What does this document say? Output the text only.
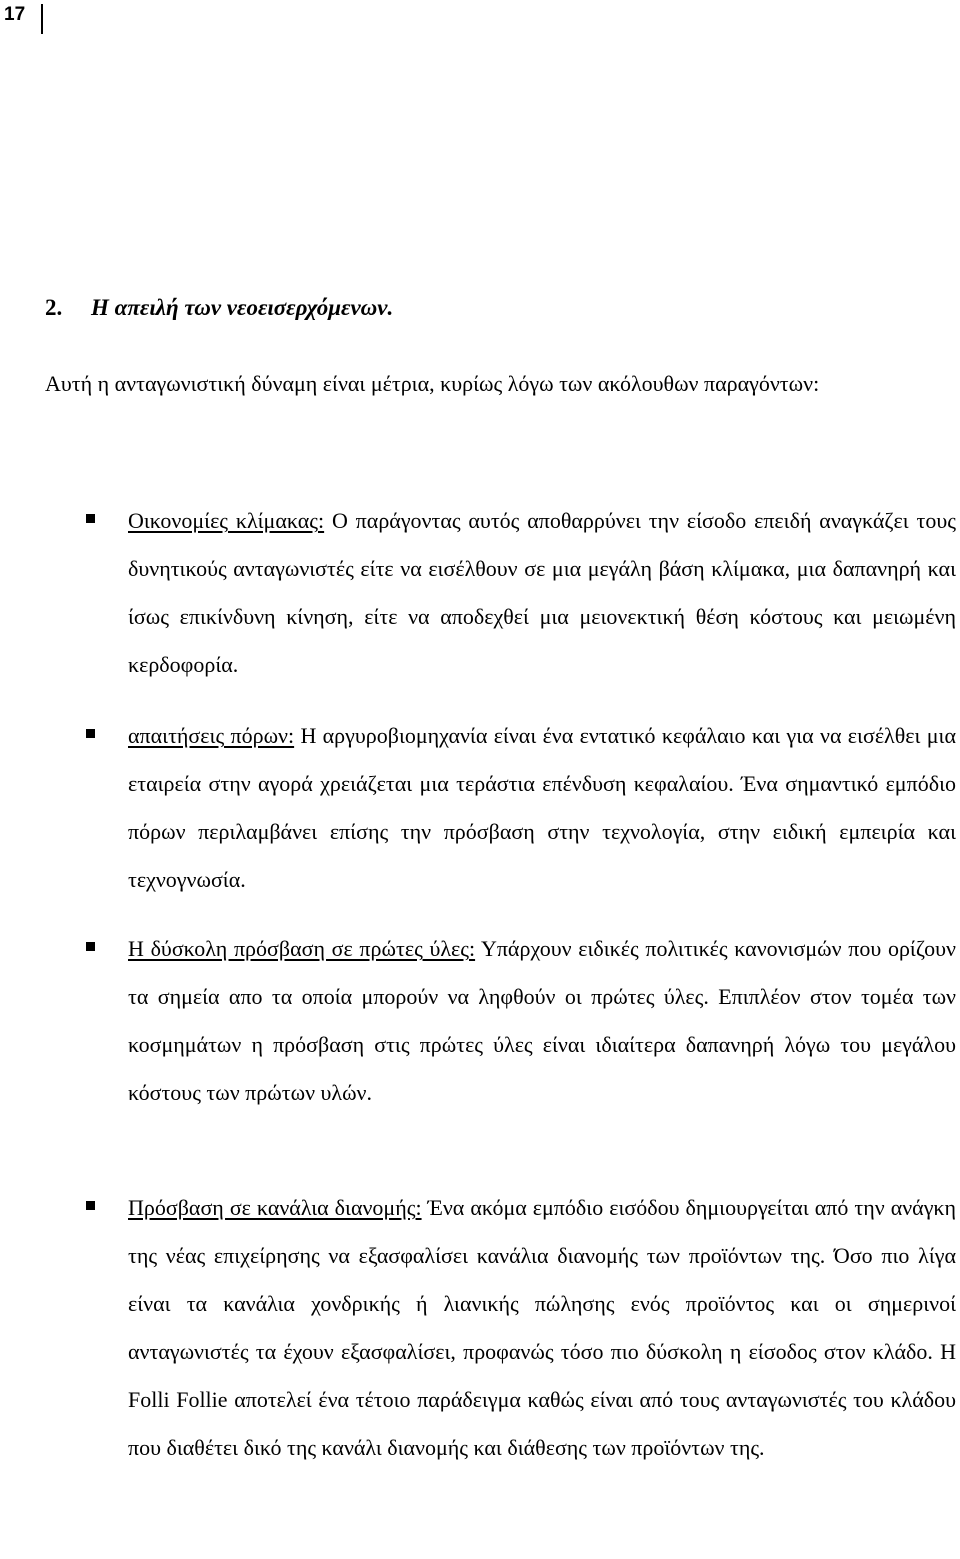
17
2. Η απειλή των νεοεισερχόμενων.

Αυτή η ανταγωνιστική δύναμη είναι μέτρια, κυρίως λόγω των ακόλουθων παραγόντων:

Οικονομίες κλίμακας: Ο παράγοντας αυτός αποθαρρύνει την είσοδο επειδή αναγκάζει τους δυνητικούς ανταγωνιστές είτε να εισέλθουν σε μια μεγάλη βάση κλίμακα, μια δαπανηρή και ίσως επικίνδυνη κίνηση, είτε να αποδεχθεί μια μειονεκτική θέση κόστους και μειωμένη κερδοφορία.

απαιτήσεις πόρων: Η αργυροβιομηχανία είναι ένα εντατικό κεφάλαιο και για να εισέλθει μια εταιρεία στην αγορά χρειάζεται μια τεράστια επένδυση κεφαλαίου. Ένα σημαντικό εμπόδιο πόρων περιλαμβάνει επίσης την πρόσβαση στην τεχνολογία, στην ειδική εμπειρία και τεχνογνωσία.

Η δύσκολη πρόσβαση σε πρώτες ύλες: Υπάρχουν ειδικές πολιτικές κανονισμών που ορίζουν τα σημεία απο τα οποία μπορούν να ληφθούν οι πρώτες ύλες. Επιπλέον στον τομέα των κοσμημάτων η πρόσβαση στις πρώτες ύλες είναι ιδιαίτερα δαπανηρή λόγω του μεγάλου κόστους των πρώτων υλών.

Πρόσβαση σε κανάλια διανομής: Ένα ακόμα εμπόδιο εισόδου δημιουργείται από την ανάγκη της νέας επιχείρησης να εξασφαλίσει κανάλια διανομής των προϊόντων της. Όσο πιο λίγα είναι τα κανάλια χονδρικής ή λιανικής πώλησης ενός προϊόντος και οι σημερινοί ανταγωνιστές τα έχουν εξασφαλίσει, προφανώς τόσο πιο δύσκολη η είσοδος στον κλάδο. Η Folli Follie αποτελεί ένα τέτοιο παράδειγμα καθώς είναι από τους ανταγωνιστές του κλάδου που διαθέτει δικό της κανάλι διανομής και διάθεσης των προϊόντων της.
